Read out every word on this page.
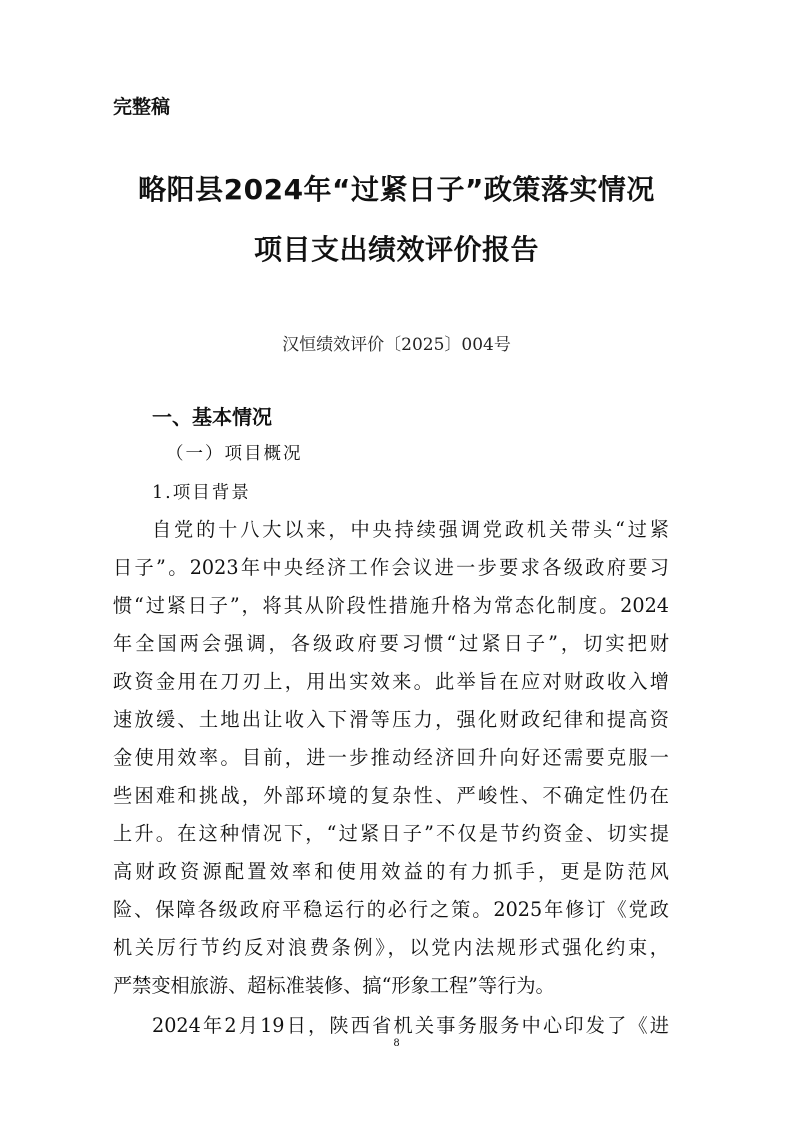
完整稿
略阳县2024年“过紧日子”政策落实情况
项目支出绩效评价报告
汉恒绩效评价〔2025〕004号
一、基本情况
（一）项目概况
1.项目背景
自党的十八大以来，中央持续强调党政机关带头“过紧
日子”。2023年中央经济工作会议进一步要求各级政府要习
惯“过紧日子”，将其从阶段性措施升格为常态化制度。2024
年全国两会强调，各级政府要习惯“过紧日子”，切实把财
政资金用在刀刃上，用出实效来。此举旨在应对财政收入增
速放缓、土地出让收入下滑等压力，强化财政纪律和提高资
金使用效率。目前，进一步推动经济回升向好还需要克服一
些困难和挑战，外部环境的复杂性、严峻性、不确定性仍在
上升。在这种情况下，“过紧日子”不仅是节约资金、切实提
高财政资源配置效率和使用效益的有力抓手，更是防范风
险、保障各级政府平稳运行的必行之策。2025年修订《党政
机关厉行节约反对浪费条例》，以党内法规形式强化约束，
严禁变相旅游、超标准装修、搞“形象工程”等行为。
2024年2月19日，陕西省机关事务服务中心印发了《进
8
